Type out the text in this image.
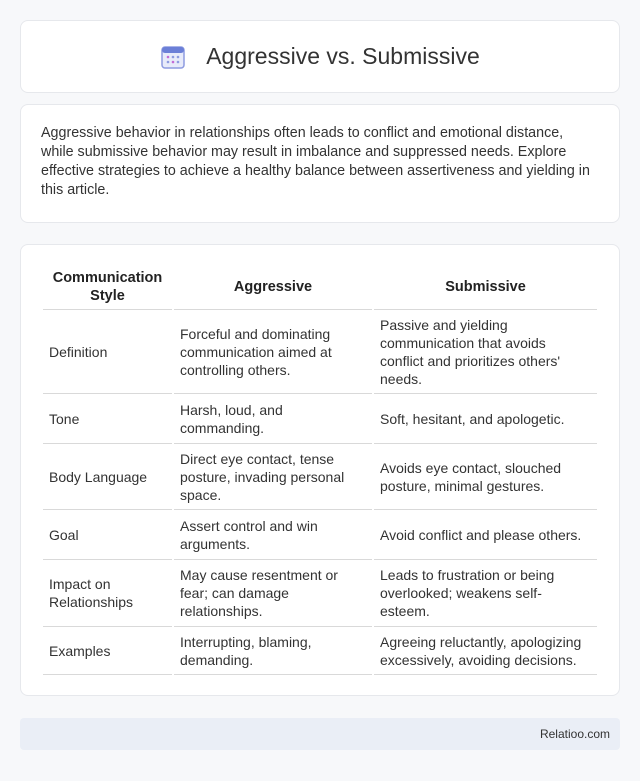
Aggressive vs. Submissive

Aggressive behavior in relationships often leads to conflict and emotional distance, while submissive behavior may result in imbalance and suppressed needs. Explore effective strategies to achieve a healthy balance between assertiveness and yielding in this article.

Communication Style	Aggressive	Submissive
Definition	Forceful and dominating communication aimed at controlling others.	Passive and yielding communication that avoids conflict and prioritizes others' needs.
Tone	Harsh, loud, and commanding.	Soft, hesitant, and apologetic.
Body Language	Direct eye contact, tense posture, invading personal space.	Avoids eye contact, slouched posture, minimal gestures.
Goal	Assert control and win arguments.	Avoid conflict and please others.
Impact on Relationships	May cause resentment or fear; can damage relationships.	Leads to frustration or being overlooked; weakens self-esteem.
Examples	Interrupting, blaming, demanding.	Agreeing reluctantly, apologizing excessively, avoiding decisions.
Relatioo.com
